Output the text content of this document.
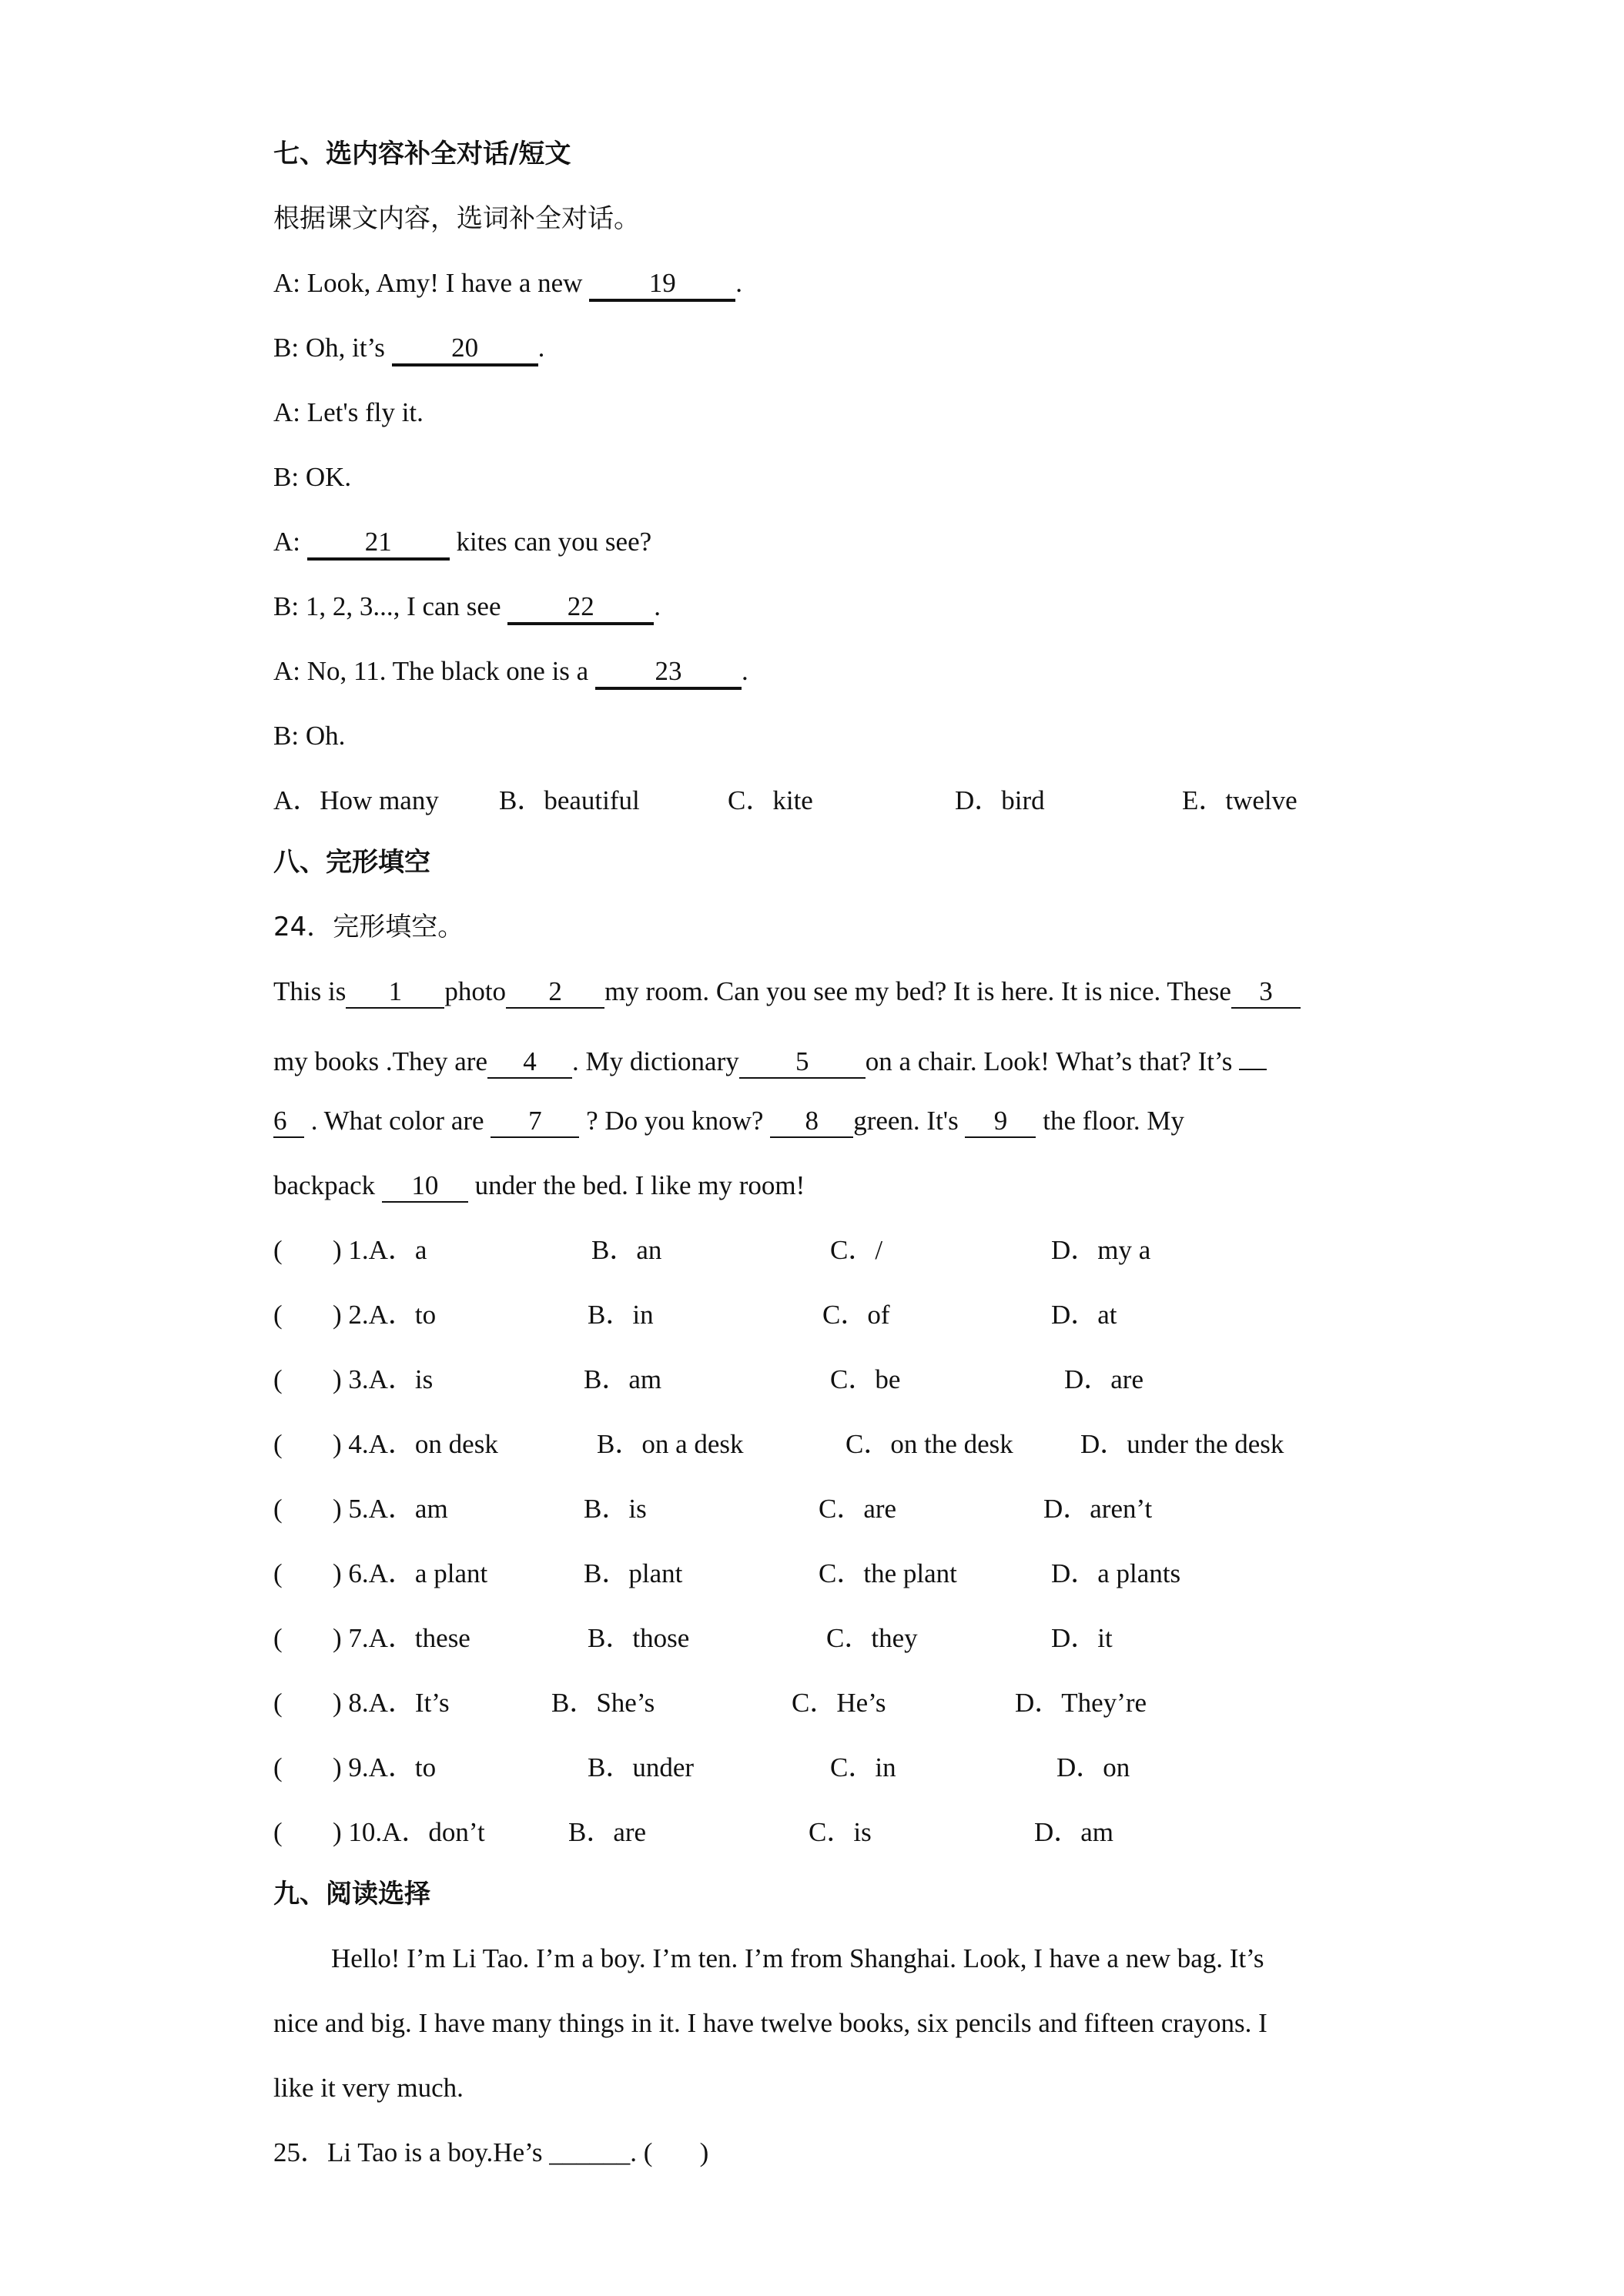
七、选内容补全对话/短文
根据课文内容，选词补全对话。
A: Look, Amy! I have a new 19 .
B: Oh, it’s 20 .
A: Let's fly it.
B: OK.
A: 21 kites can you see?
B: 1, 2, 3..., I can see 22 .
A: No, 11. The black one is a 23 .
B: Oh.
A．How many B．beautiful	C．kite	D．bird	E．twelve
八、完形填空
24．完形填空。
This is 1 photo 2 my room. Can you see my bed? It is here. It is nice. These 3
my books .They are 4 . My dictionary 5 on a chair. Look! What’s that? It’s
6 . What color are 7 ? Do you know? 8 green. It's 9 the floor. My
backpack 10 under the bed. I like my room!
( ) 1.A．a	B．an	C．/	D．my a
( ) 2.A．to	B．in	C．of	D．at
( ) 3.A．is	B．am	C．be	D．are
( ) 4.A．on desk	B．on a desk	C．on the desk D．under the desk
( ) 5.A．am	B．is	C．are	D．aren’t
( ) 6.A．a plant	B．plant	C．the plant	D．a plants
( ) 7.A．these	B．those	C．they	D．it
( ) 8.A．It’s	B．She’s	C．He’s	D．They’re
( ) 9.A．to	B．under	C．in	D．on
( ) 10.A．don’t	B．are	C．is	D．am
九、阅读选择
Hello! I’m Li Tao. I’m a boy. I’m ten. I’m from Shanghai. Look, I have a new bag. It’s
nice and big. I have many things in it. I have twelve books, six pencils and fifteen crayons. I
like it very much.
25．Li Tao is a boy.He’s ______. (       )
